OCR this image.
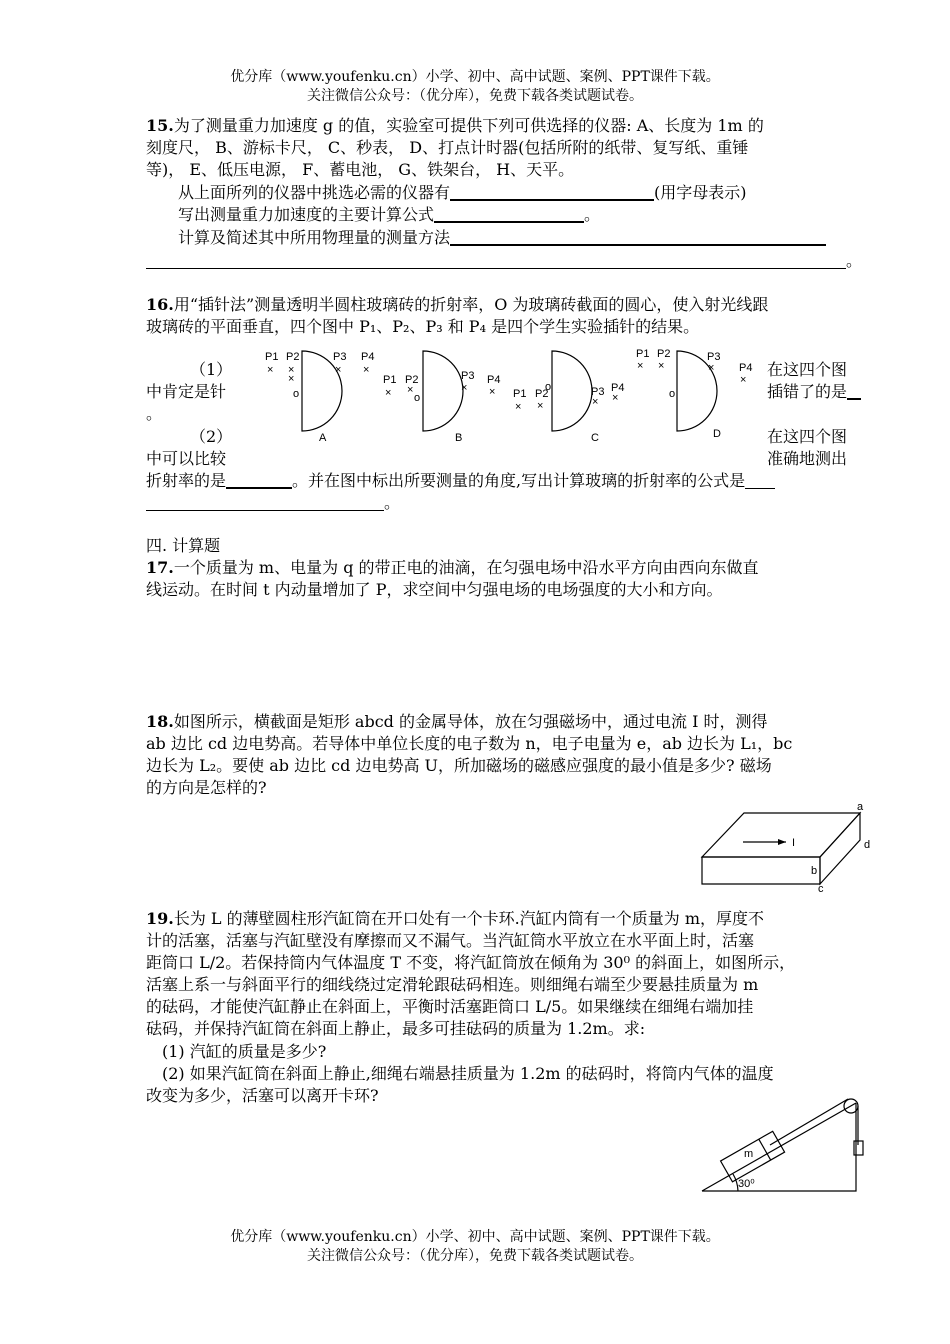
优分库（www.youfenku.cn）小学、初中、高中试题、案例、PPT课件下载。
关注微信公众号：（优分库），免费下载各类试题试卷。
15.为了测量重力加速度 g 的值，实验室可提供下列可供选择的仪器: A、长度为 1m 的
刻度尺， B、游标卡尺， C、秒表， D、打点计时器(包括所附的纸带、复写纸、重锤
等)， E、低压电源， F、蓄电池， G、铁架台， H、天平。
从上面所列的仪器中挑选必需的仪器有	(用字母表示)
写出测量重力加速度的主要计算公式	。
计算及简述其中所用物理量的测量方法
。
16.用“插针法”测量透明半圆柱玻璃砖的折射率，O 为玻璃砖截面的圆心，使入射光线跟
玻璃砖的平面垂直，四个图中 P₁、P₂、P₃ 和 P₄ 是四个学生实验插针的结果。
（1）
中肯定是针
。
在这四个图
插错了的是
（2）
中可以比较
在这四个图
准确地测出
折射率的是	。并在图中标出所要测量的角度,写出计算玻璃的折射率的公式是
。
P1
×
P2
×
×
o
P3
×
P4
×
A
P1
×
P2
×
o
P3
×
P4
×
B
P1
×
P2
×
o	P3
×
P4
×
C
P1
×
P2
×
o
P3
× P4
×
D
四. 计算题
17.一个质量为 m、电量为 q 的带正电的油滴，在匀强电场中沿水平方向由西向东做直
线运动。在时间 t 内动量增加了 P，求空间中匀强电场的电场强度的大小和方向。
18.如图所示，横截面是矩形 abcd 的金属导体，放在匀强磁场中，通过电流 I 时，测得
ab 边比 cd 边电势高。若导体中单位长度的电子数为 n，电子电量为 e，ab 边长为 L₁，bc
边长为 L₂。要使 ab 边比 cd 边电势高 U，所加磁场的磁感应强度的最小值是多少? 磁场
的方向是怎样的?
I
a
d
b
c
19.长为 L 的薄壁圆柱形汽缸筒在开口处有一个卡环.汽缸内筒有一个质量为 m，厚度不
计的活塞，活塞与汽缸壁没有摩擦而又不漏气。当汽缸筒水平放立在水平面上时，活塞
距筒口 L/2。若保持筒内气体温度 T 不变，将汽缸筒放在倾角为 30⁰ 的斜面上，如图所示，
活塞上系一与斜面平行的细线绕过定滑轮跟砝码相连。则细绳右端至少要悬挂质量为 m
的砝码，才能使汽缸静止在斜面上，平衡时活塞距筒口 L/5。如果继续在细绳右端加挂
砝码，并保持汽缸筒在斜面上静止，最多可挂砝码的质量为 1.2m。求:
(1) 汽缸的质量是多少?
(2) 如果汽缸筒在斜面上静止,细绳右端悬挂质量为 1.2m 的砝码时，将筒内气体的温度
改变为多少，活塞可以离开卡环?
m
30⁰
优分库（www.youfenku.cn）小学、初中、高中试题、案例、PPT课件下载。
关注微信公众号：（优分库），免费下载各类试题试卷。
